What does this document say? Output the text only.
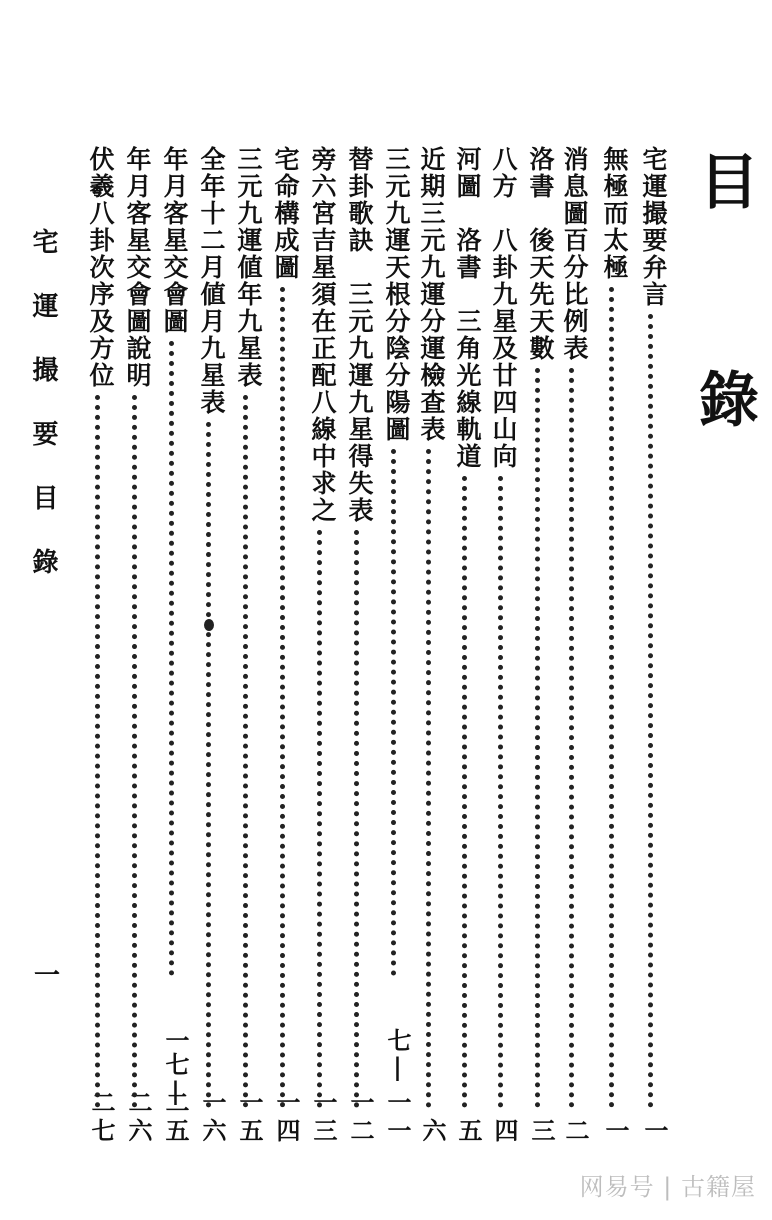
目 錄
宅運撮要弁言
一
無極而太極
一
消息圖百分比例表
二
洛書　後天先天數
三
八方　八卦九星及廿四山向
四
河圖　洛書　三角光線軌道
五
近期三元九運分運檢查表
六
三元九運天根分陰分陽圖
一一
七|
替卦歌訣　三元九運九星得失表
一二
旁六宮吉星須在正配八線中求之
一三
宅命構成圖
一四
三元九運値年九星表
一五
全年十二月値月九星表
一六
年月客星交會圖
二五
一七|
年月客星交會圖說明
二六
伏羲八卦次序及方位
二七
宅運撮要目錄
一
网易号 | 古籍屋
